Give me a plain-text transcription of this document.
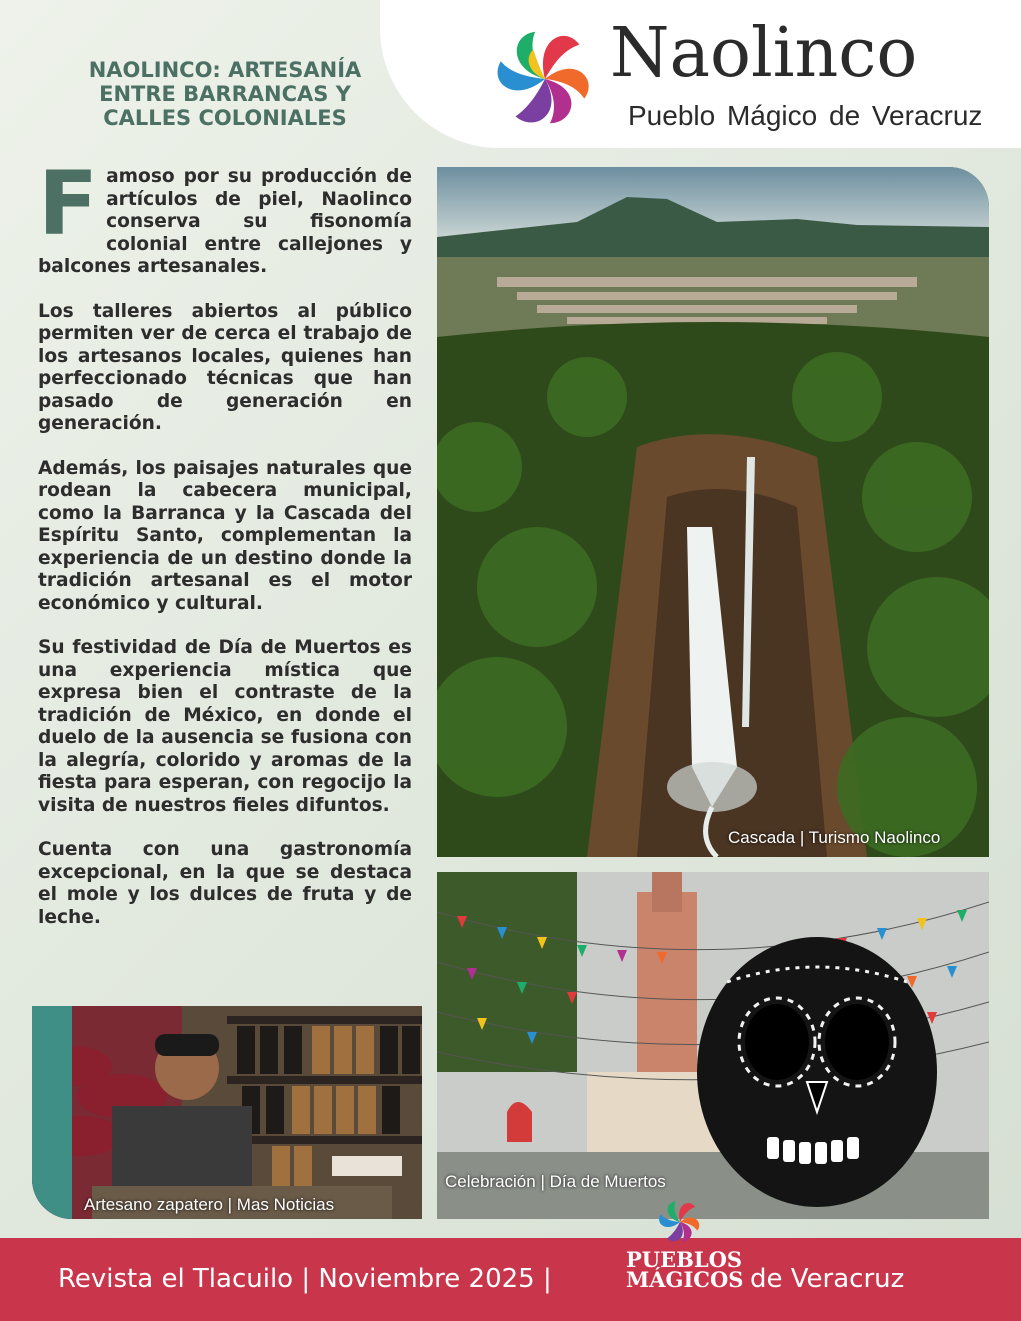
Naolinco
Pueblo Mágico de Veracruz
NAOLINCO: ARTESANÍA ENTRE BARRANCAS Y CALLES COLONIALES

F amoso por su producción de artículos de piel, Naolinco conserva su fisonomía colonial entre callejones y balcones artesanales.

Los talleres abiertos al público permiten ver de cerca el trabajo de los artesanos locales, quienes han perfeccionado técnicas que han pasado de generación en generación.

Además, los paisajes naturales que rodean la cabecera municipal, como la Barranca y la Cascada del Espíritu Santo, complementan la experiencia de un destino donde la tradición artesanal es el motor económico y cultural.

Su festividad de Día de Muertos es una experiencia mística que expresa bien el contraste de la tradición de México, en donde el duelo de la ausencia se fusiona con la alegría, colorido y aromas de la fiesta para esperan, con regocijo la visita de nuestros fieles difuntos.

Cuenta con una gastronomía excepcional, en la que se destaca el mole y los dulces de fruta y de leche.

Cascada | Turismo Naolinco
Artesano zapatero | Mas Noticias
Celebración | Día de Muertos
Revista el Tlacuilo | Noviembre 2025 |
PUEBLOS
MÁGICOS de Veracruz
